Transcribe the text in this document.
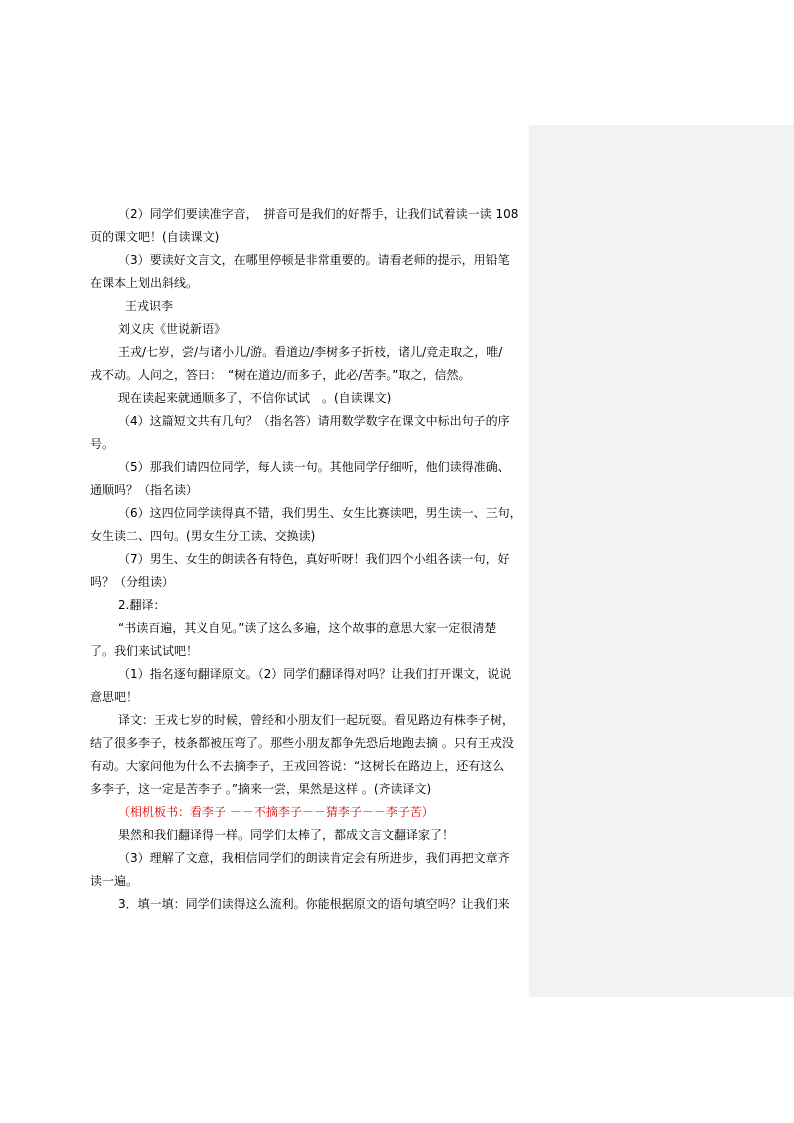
（2）同学们要读准字音，　拼音可是我们的好帮手，让我们试着读一读 108

页的课文吧！(自读课文)

（3）要读好文言文，在哪里停顿是非常重要的。请看老师的提示，用铅笔

在课本上划出斜线。

王戎识李

刘义庆《世说新语》

王戎/七岁，尝/与诸小儿/游。看道边/李树多子折枝，诸儿/竞走取之，唯/

戎不动。人问之，答曰：　“树在道边/而多子，此必/苦李。”取之，信然。

现在读起来就通顺多了，不信你试试　。(自读课文)

（4）这篇短文共有几句？（指名答）请用数学数字在课文中标出句子的序

号。

（5）那我们请四位同学，每人读一句。其他同学仔细听，他们读得准确、

通顺吗？（指名读）

（6）这四位同学读得真不错，我们男生、女生比赛读吧，男生读一、三句，

女生读二、四句。(男女生分工读、交换读)

（7）男生、女生的朗读各有特色，真好听呀！我们四个小组各读一句，好

吗？（分组读）

2.翻译：

“书读百遍，其义自见。”读了这么多遍，这个故事的意思大家一定很清楚

了。我们来试试吧！

（1）指名逐句翻译原文。（2）同学们翻译得对吗？让我们打开课文，说说

意思吧！

译文：王戎七岁的时候，曾经和小朋友们一起玩耍。看见路边有株李子树，

结了很多李子，枝条都被压弯了。那些小朋友都争先恐后地跑去摘 。只有王戎没

有动。大家问他为什么不去摘李子，王戎回答说：“这树长在路边上，还有这么

多李子，这一定是苦李子 。”摘来一尝，果然是这样 。(齐读译文)

（相机板书：看李子 －－不摘李子－－猜李子－－李子苦）

果然和我们翻译得一样。同学们太棒了，都成文言文翻译家了！

（3）理解了文意，我相信同学们的朗读肯定会有所进步，我们再把文章齐

读一遍。

3．填一填：同学们读得这么流利。你能根据原文的语句填空吗？让我们来
